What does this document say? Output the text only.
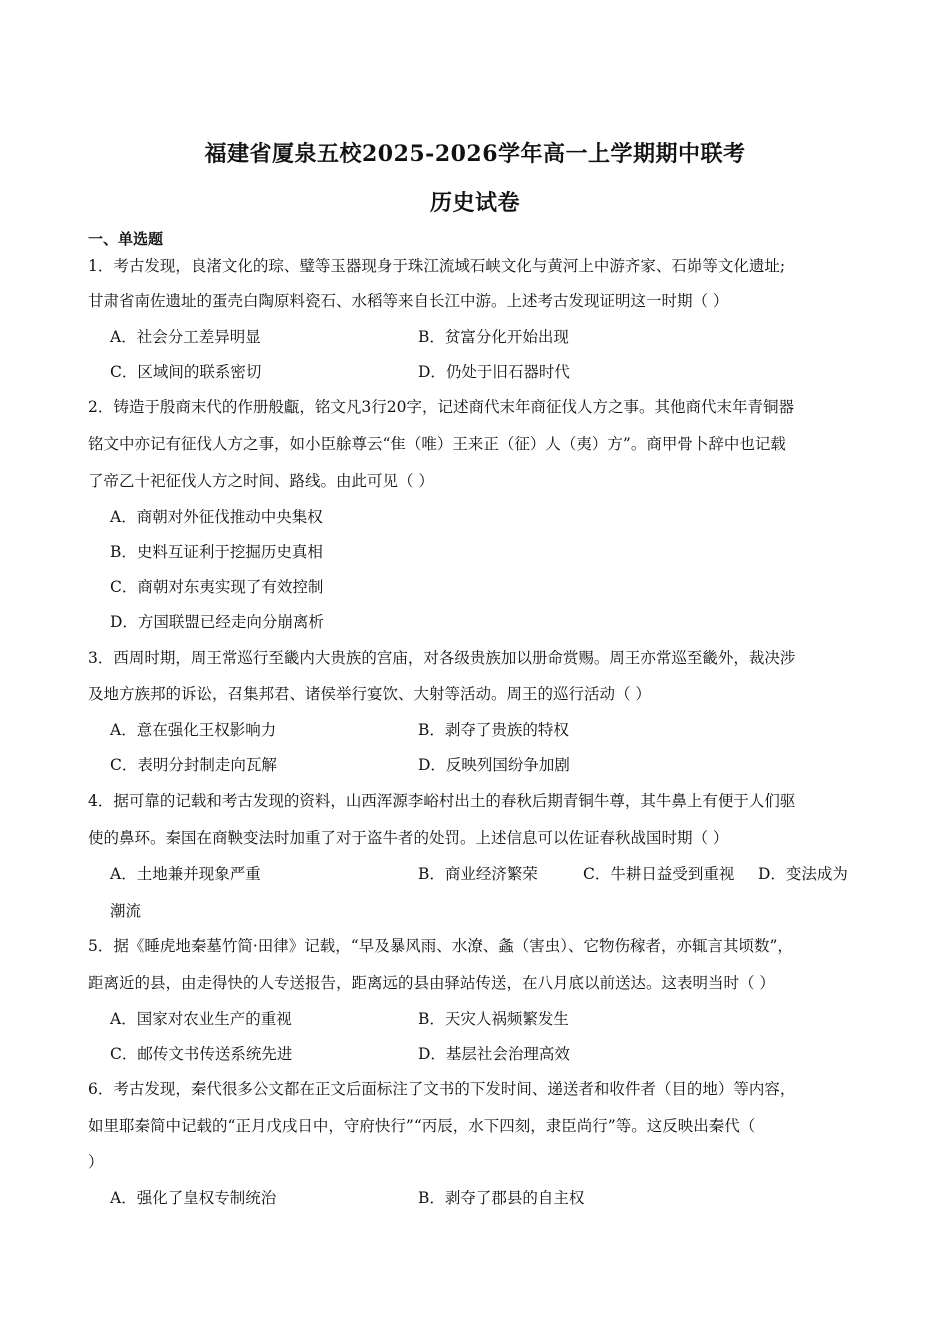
福建省厦泉五校2025-2026学年高一上学期期中联考
历史试卷
一、单选题
1．考古发现，良渚文化的琮、璧等玉器现身于珠江流域石峡文化与黄河上中游齐家、石峁等文化遗址;
甘肃省南佐遗址的蛋壳白陶原料瓷石、水稻等来自长江中游。上述考古发现证明这一时期（ ）
A．社会分工差异明显	B．贫富分化开始出现
C．区域间的联系密切	D．仍处于旧石器时代
2．铸造于殷商末代的作册般甗，铭文凡3行20字，记述商代末年商征伐人方之事。其他商代末年青铜器
铭文中亦记有征伐人方之事，如小臣艅尊云“隹（唯）王来正（征）人（夷）方”。商甲骨卜辞中也记载
了帝乙十祀征伐人方之时间、路线。由此可见（ ）
A．商朝对外征伐推动中央集权
B．史料互证利于挖掘历史真相
C．商朝对东夷实现了有效控制
D．方国联盟已经走向分崩离析
3．西周时期，周王常巡行至畿内大贵族的宫庙，对各级贵族加以册命赏赐。周王亦常巡至畿外，裁决涉
及地方族邦的诉讼，召集邦君、诸侯举行宴饮、大射等活动。周王的巡行活动（ ）
A．意在强化王权影响力	B．剥夺了贵族的特权
C．表明分封制走向瓦解	D．反映列国纷争加剧
4．据可靠的记载和考古发现的资料，山西浑源李峪村出土的春秋后期青铜牛尊，其牛鼻上有便于人们驱
使的鼻环。秦国在商鞅变法时加重了对于盗牛者的处罚。上述信息可以佐证春秋战国时期（ ）
A．土地兼并现象严重	B．商业经济繁荣	C．牛耕日益受到重视 D．变法成为
潮流
5．据《睡虎地秦墓竹简·田律》记载，“早及暴风雨、水潦、螽（害虫）、它物伤稼者，亦辄言其顷数”，
距离近的县，由走得快的人专送报告，距离远的县由驿站传送，在八月底以前送达。这表明当时（ ）
A．国家对农业生产的重视	B．天灾人祸频繁发生
C．邮传文书传送系统先进	D．基层社会治理高效
6．考古发现，秦代很多公文都在正文后面标注了文书的下发时间、递送者和收件者（目的地）等内容，
如里耶秦简中记载的“正月戊戌日中，守府快行”“丙辰，水下四刻，隶臣尚行”等。这反映出秦代（
）
A．强化了皇权专制统治	B．剥夺了郡县的自主权
